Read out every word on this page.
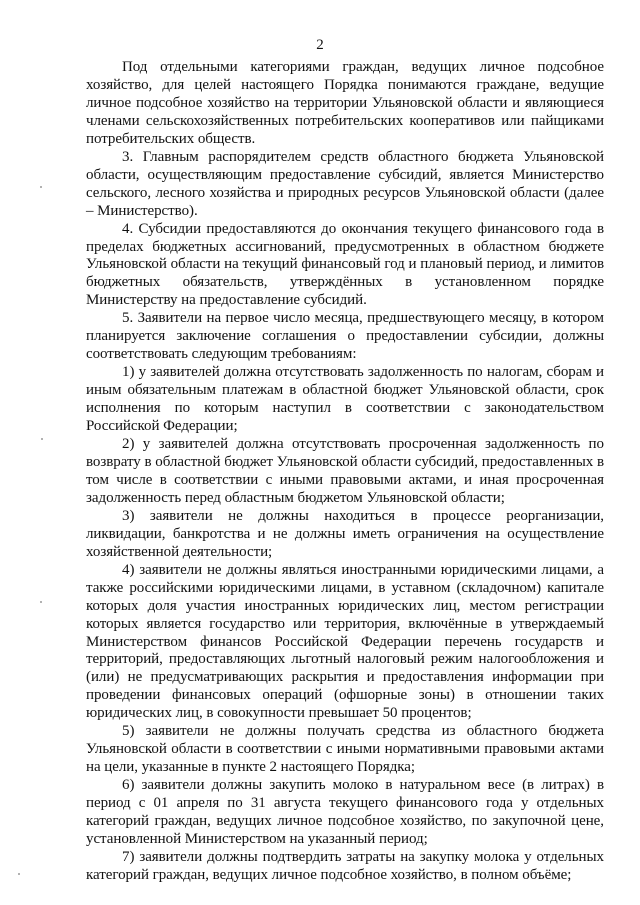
2

Под отдельными категориями граждан, ведущих личное подсобное хозяйство, для целей настоящего Порядка понимаются граждане, ведущие личное подсобное хозяйство на территории Ульяновской области и являющиеся членами сельскохозяйственных потребительских кооперативов или пайщиками потребительских обществ.

3. Главным распорядителем средств областного бюджета Ульяновской области, осуществляющим предоставление субсидий, является Министерство сельского, лесного хозяйства и природных ресурсов Ульяновской области (далее – Министерство).

4. Субсидии предоставляются до окончания текущего финансового года в пределах бюджетных ассигнований, предусмотренных в областном бюджете Ульяновской области на текущий финансовый год и плановый период, и лимитов бюджетных обязательств, утверждённых в установленном порядке Министерству на предоставление субсидий.

5. Заявители на первое число месяца, предшествующего месяцу, в котором планируется заключение соглашения о предоставлении субсидии, должны соответствовать следующим требованиям:

1) у заявителей должна отсутствовать задолженность по налогам, сборам и иным обязательным платежам в областной бюджет Ульяновской области, срок исполнения по которым наступил в соответствии с законодательством Российской Федерации;

2) у заявителей должна отсутствовать просроченная задолженность по возврату в областной бюджет Ульяновской области субсидий, предоставленных в том числе в соответствии с иными правовыми актами, и иная просроченная задолженность перед областным бюджетом Ульяновской области;

3) заявители не должны находиться в процессе реорганизации, ликвидации, банкротства и не должны иметь ограничения на осуществление хозяйственной деятельности;

4) заявители не должны являться иностранными юридическими лицами, а также российскими юридическими лицами, в уставном (складочном) капитале которых доля участия иностранных юридических лиц, местом регистрации которых является государство или территория, включённые в утверждаемый Министерством финансов Российской Федерации перечень государств и территорий, предоставляющих льготный налоговый режим налогообложения и (или) не предусматривающих раскрытия и предоставления информации при проведении финансовых операций (офшорные зоны) в отношении таких юридических лиц, в совокупности превышает 50 процентов;

5) заявители не должны получать средства из областного бюджета Ульяновской области в соответствии с иными нормативными правовыми актами на цели, указанные в пункте 2 настоящего Порядка;

6) заявители должны закупить молоко в натуральном весе (в литрах) в период с 01 апреля по 31 августа текущего финансового года у отдельных категорий граждан, ведущих личное подсобное хозяйство, по закупочной цене, установленной Министерством на указанный период;

7) заявители должны подтвердить затраты на закупку молока у отдельных категорий граждан, ведущих личное подсобное хозяйство, в полном объёме;
